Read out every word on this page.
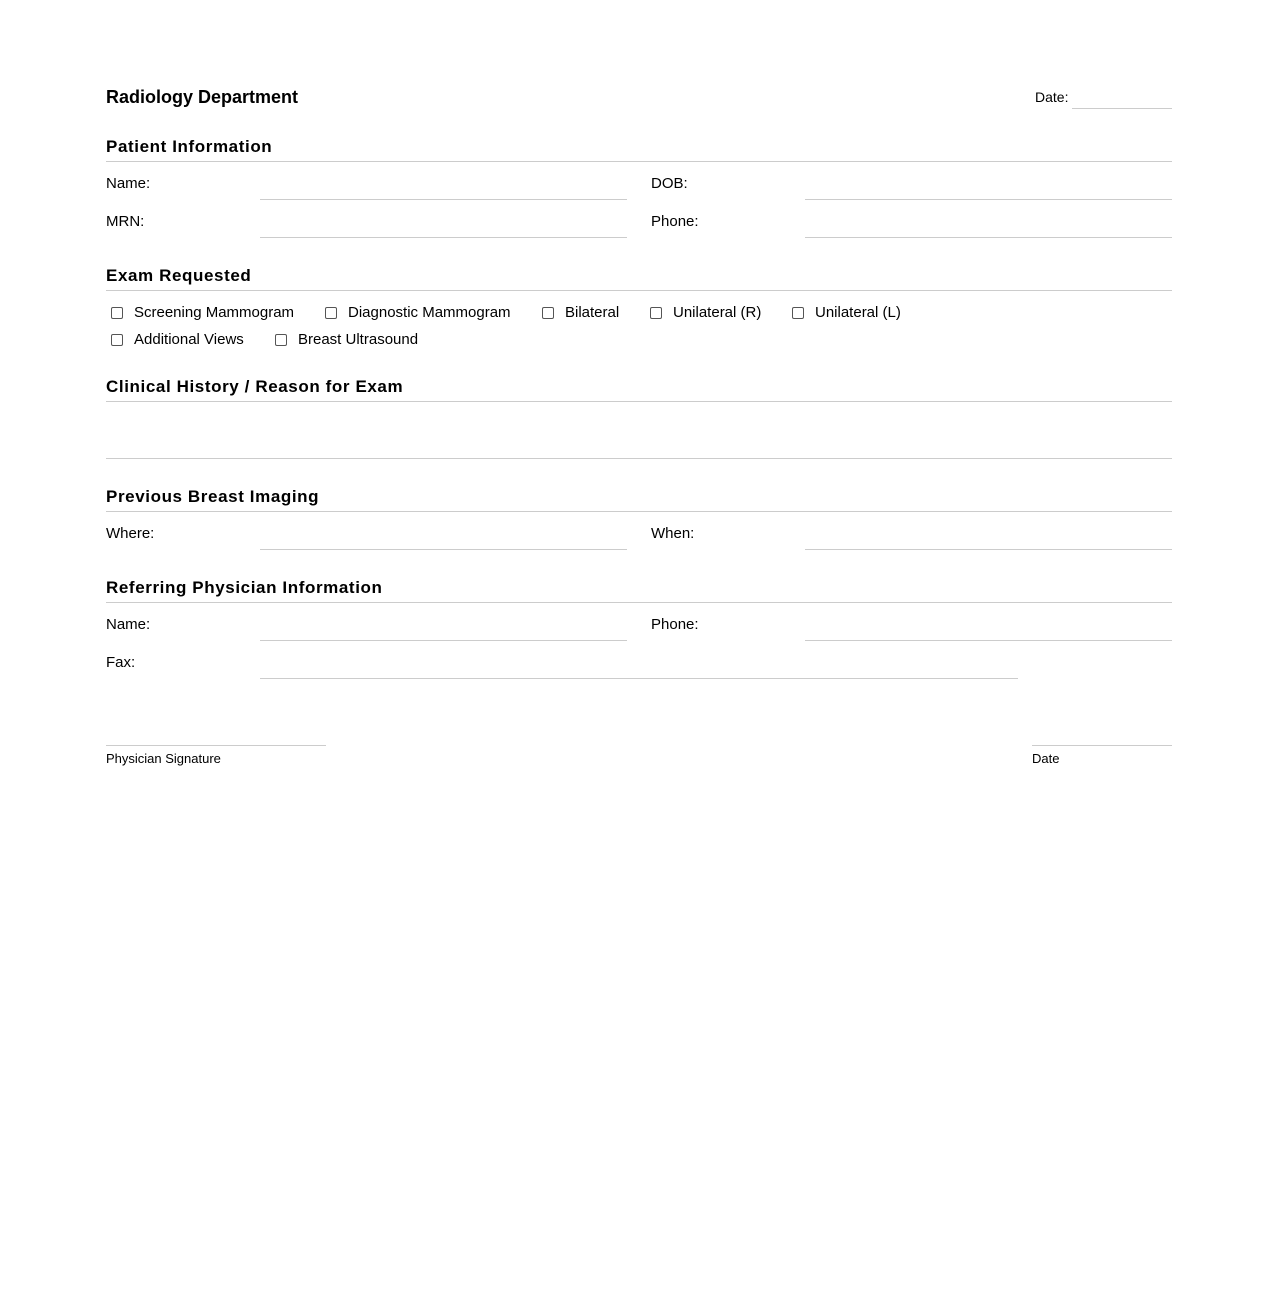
Radiology Department	Date:
Patient Information
Name:	DOB:
MRN:	Phone:
Exam Requested
Screening Mammogram	Diagnostic Mammogram	Bilateral	Unilateral (R)	Unilateral (L)
Additional Views	Breast Ultrasound
Clinical History / Reason for Exam
Previous Breast Imaging
Where:	When:
Referring Physician Information
Name:	Phone:
Fax:
Physician Signature	Date
